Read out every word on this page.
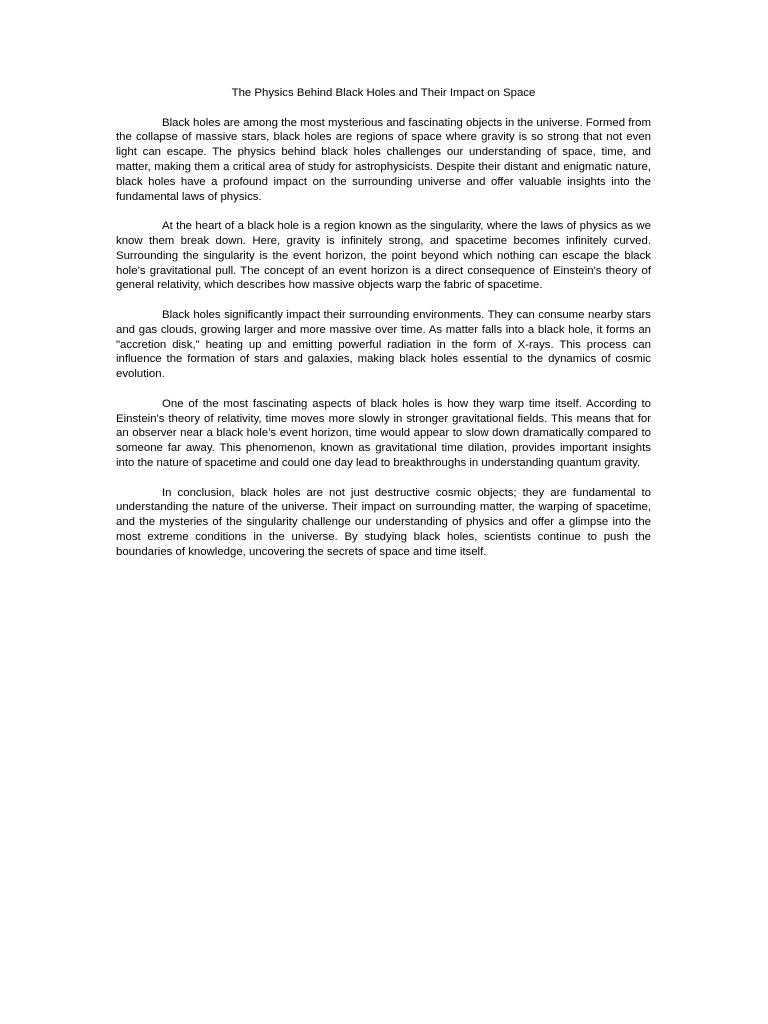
The Physics Behind Black Holes and Their Impact on Space

Black holes are among the most mysterious and fascinating objects in the universe. Formed from the collapse of massive stars, black holes are regions of space where gravity is so strong that not even light can escape. The physics behind black holes challenges our understanding of space, time, and matter, making them a critical area of study for astrophysicists. Despite their distant and enigmatic nature, black holes have a profound impact on the surrounding universe and offer valuable insights into the fundamental laws of physics.

At the heart of a black hole is a region known as the singularity, where the laws of physics as we know them break down. Here, gravity is infinitely strong, and spacetime becomes infinitely curved. Surrounding the singularity is the event horizon, the point beyond which nothing can escape the black hole’s gravitational pull. The concept of an event horizon is a direct consequence of Einstein's theory of general relativity, which describes how massive objects warp the fabric of spacetime.

Black holes significantly impact their surrounding environments. They can consume nearby stars and gas clouds, growing larger and more massive over time. As matter falls into a black hole, it forms an "accretion disk," heating up and emitting powerful radiation in the form of X-rays. This process can influence the formation of stars and galaxies, making black holes essential to the dynamics of cosmic evolution.

One of the most fascinating aspects of black holes is how they warp time itself. According to Einstein's theory of relativity, time moves more slowly in stronger gravitational fields. This means that for an observer near a black hole’s event horizon, time would appear to slow down dramatically compared to someone far away. This phenomenon, known as gravitational time dilation, provides important insights into the nature of spacetime and could one day lead to breakthroughs in understanding quantum gravity.

In conclusion, black holes are not just destructive cosmic objects; they are fundamental to understanding the nature of the universe. Their impact on surrounding matter, the warping of spacetime, and the mysteries of the singularity challenge our understanding of physics and offer a glimpse into the most extreme conditions in the universe. By studying black holes, scientists continue to push the boundaries of knowledge, uncovering the secrets of space and time itself.
